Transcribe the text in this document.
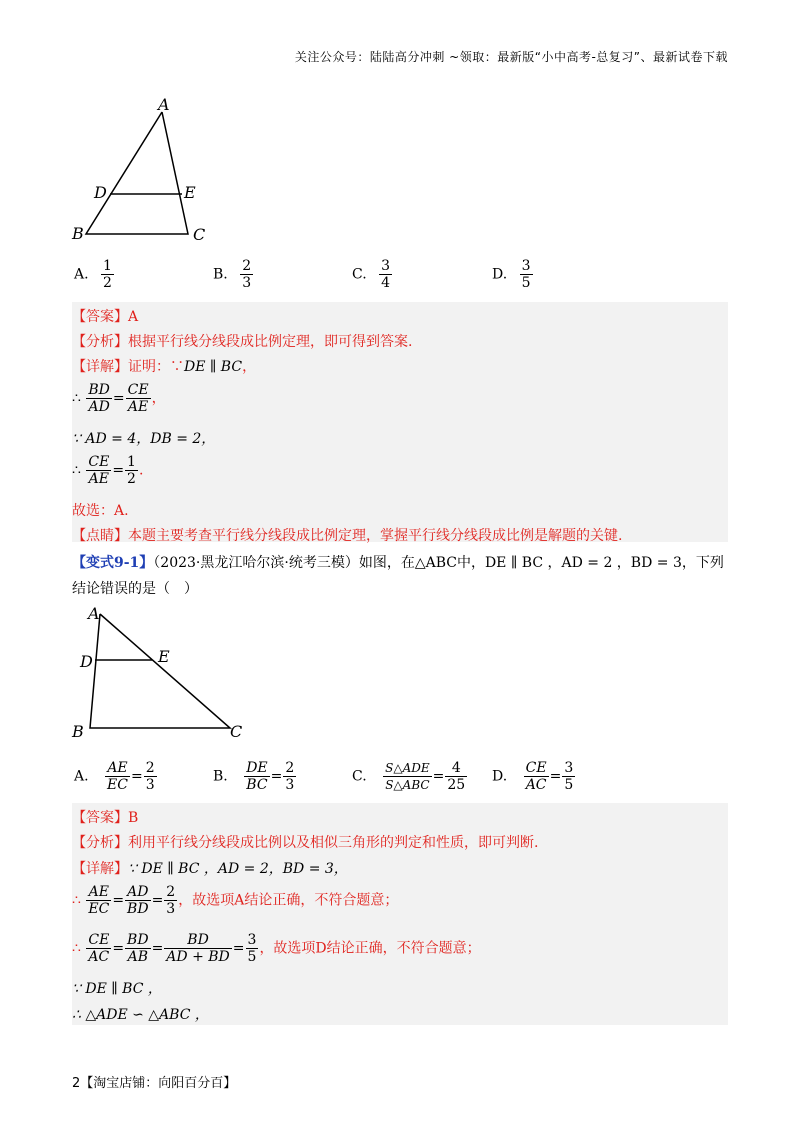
关注公众号：陆陆高分冲刺 ~领取：最新版“小中高考-总复习”、最新试卷下载
A
D	E
B	C
A. $\frac{1}{2}$	B. $\frac{2}{3}$	C. $\frac{3}{4}$	D. $\frac{3}{5}$
【答案】A
【分析】根据平行线分线段成比例定理，即可得到答案.
【详解】证明：∵DE ∥ BC，
∴ $\frac{BD}{AD} = \frac{CE}{AE}$ ，
∵ AD = 4，DB = 2，
∴ $\frac{CE}{AE} = \frac{1}{2}$ .
故选：A.
【点睛】本题主要考查平行线分线段成比例定理，掌握平行线分线段成比例是解题的关键.
【变式9-1】（2023·黑龙江哈尔滨·统考三模）如图，在△ABC中，DE ∥ BC ，AD = 2 ，BD = 3，下列
结论错误的是（　）
A
D	E
B	C
A. $\frac{AE}{EC} = \frac{2}{3}$	B. $\frac{DE}{BC} = \frac{2}{3}$	C. $\frac{\text{S△ADE}}{\text{S△ABC}} = \frac{4}{25} D$. $\frac{CE}{AC} = \frac{3}{5}$
【答案】B
【分析】利用平行线分线段成比例以及相似三角形的判定和性质，即可判断.
【详解】∵ DE ∥ BC ，AD = 2，BD = 3，
∴ $\frac{AE}{EC} = \frac{AD}{BD} = \frac{2}{3}$ ，故选项A结论正确，不符合题意；
∴ $\frac{CE}{AC} = \frac{BD}{AB} = \frac{BD}{AD + BD} = \frac{3}{5}$ ，故选项D结论正确，不符合题意；
∵ DE ∥ BC ，
∴ △ADE ∽ △ABC ，
2【淘宝店铺：向阳百分百】
